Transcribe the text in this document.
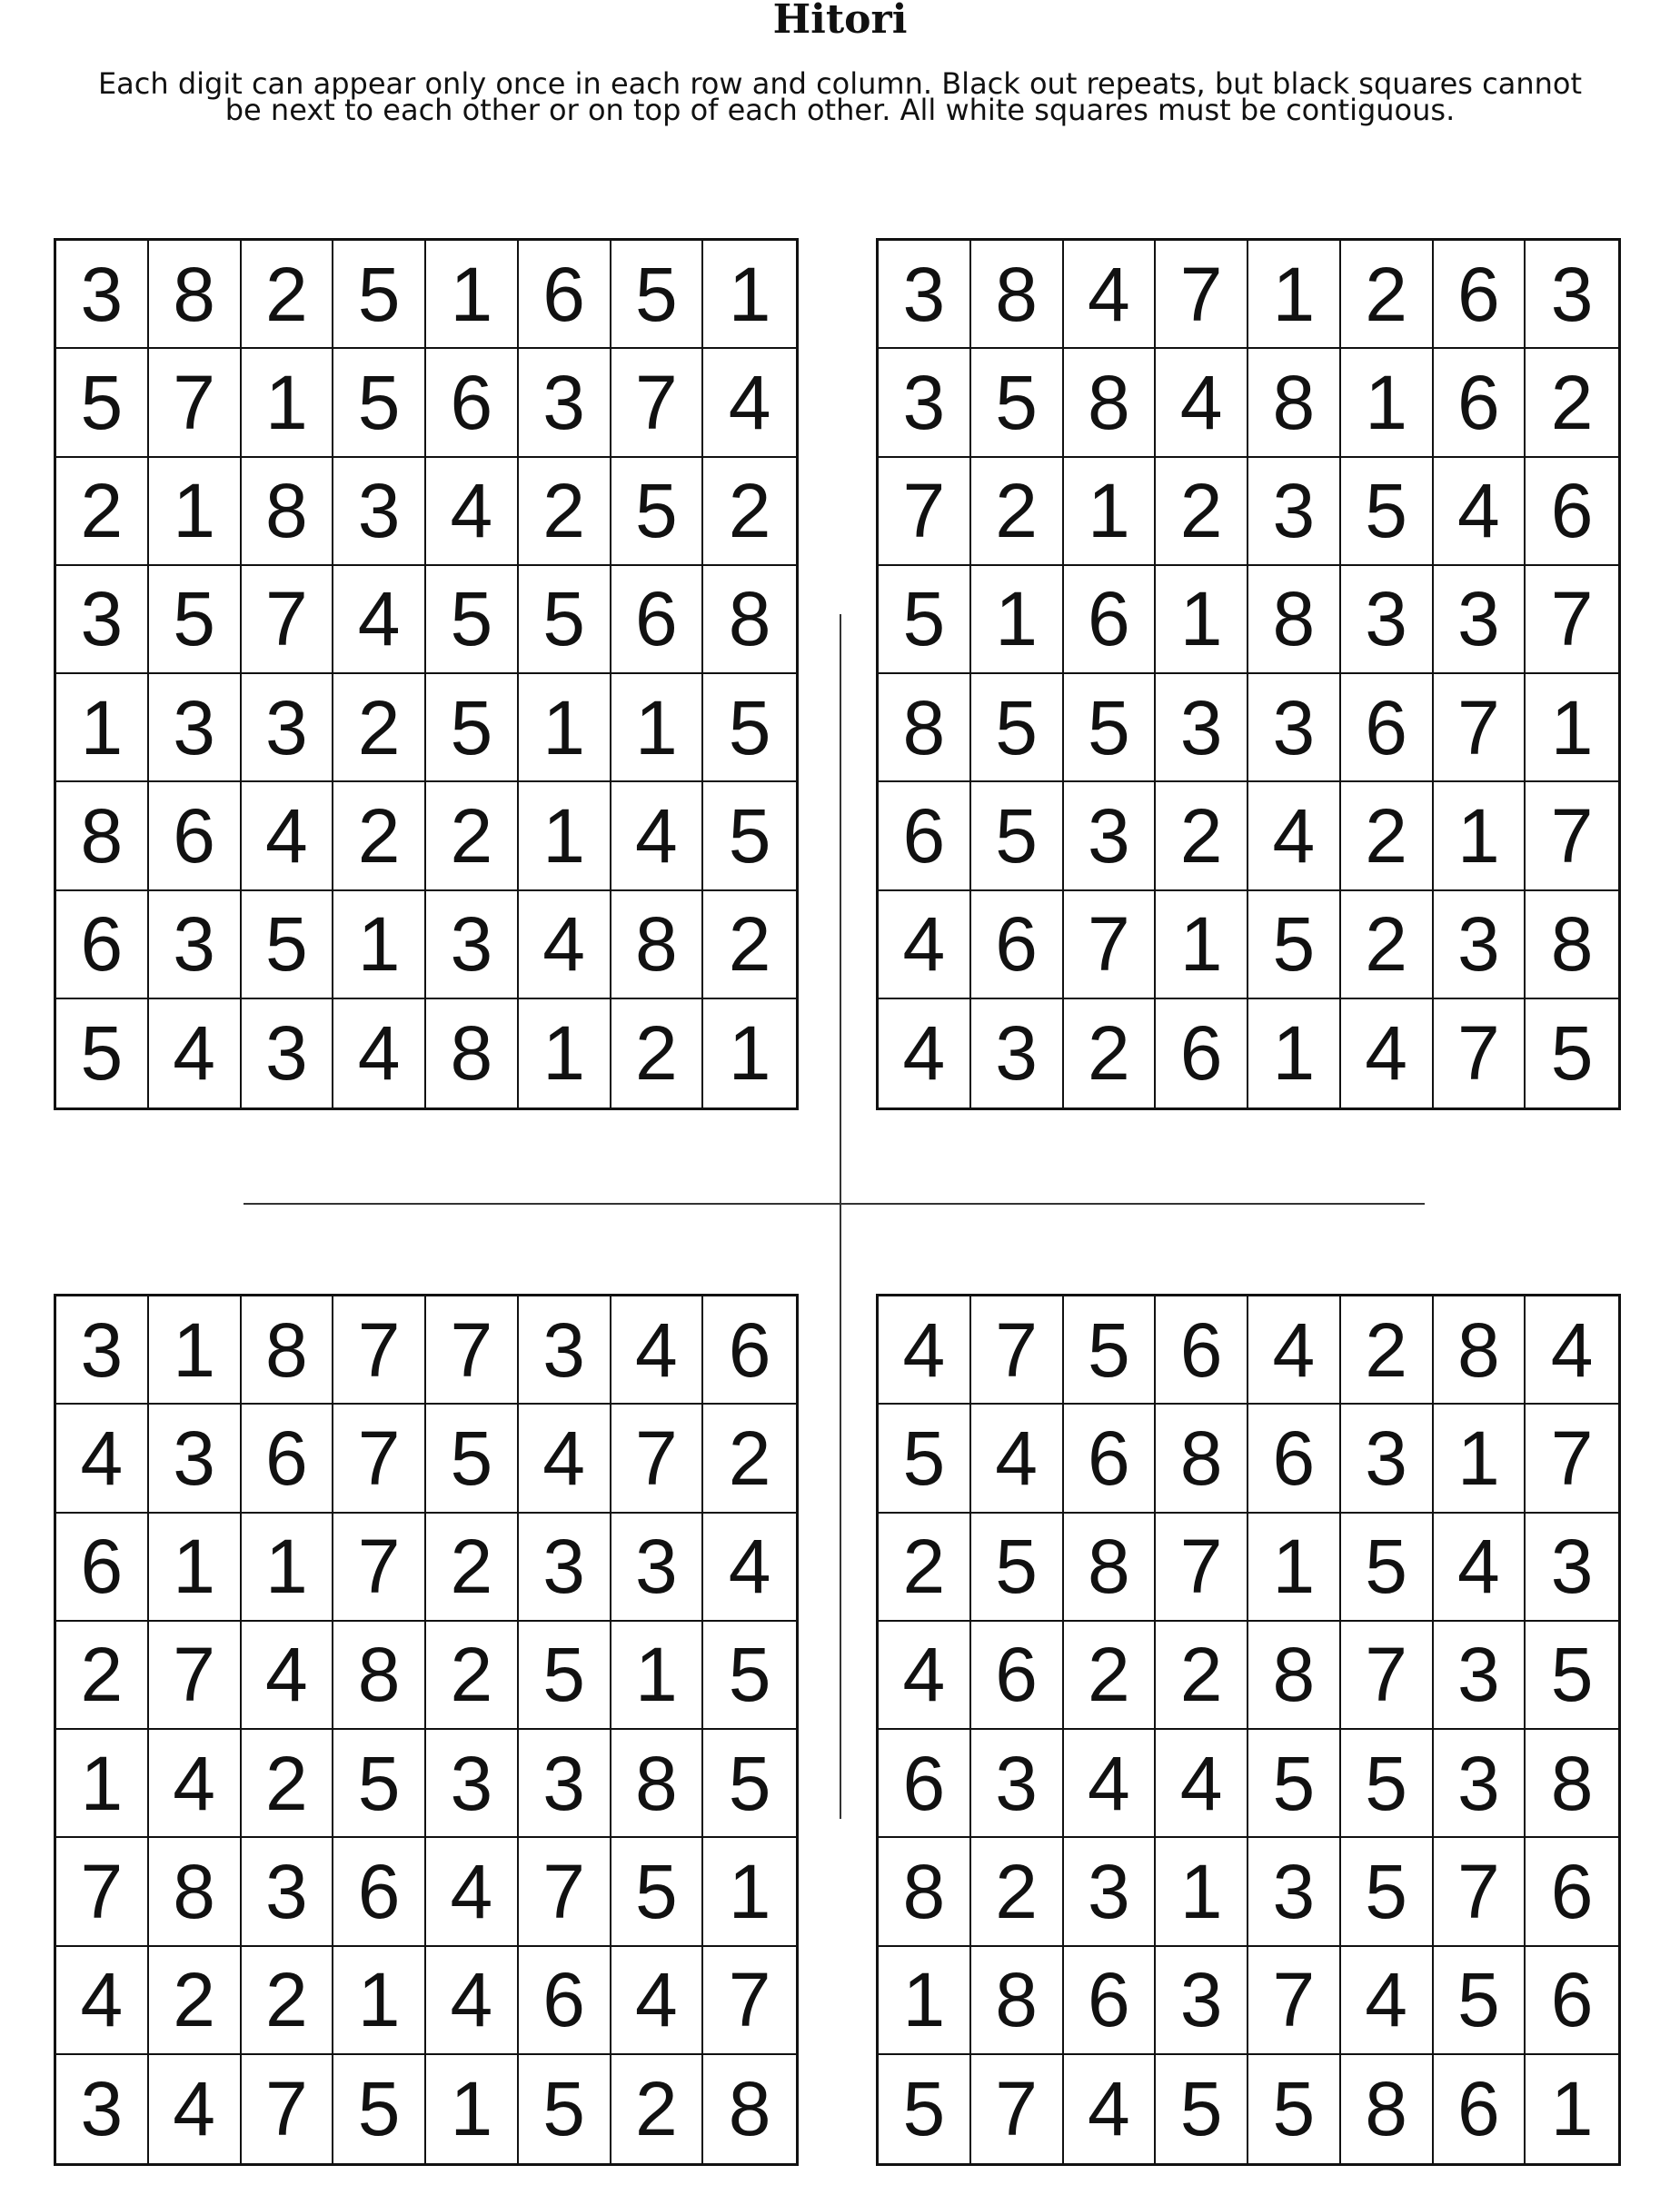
Hitori
Each digit can appear only once in each row and column. Black out repeats, but black squares cannot be next to each other or on top of each other. All white squares must be contiguous.
3 8 2 5 1 6 5 1
5 7 1 5 6 3 7 4
2 1 8 3 4 2 5 2
3 5 7 4 5 5 6 8
1 3 3 2 5 1 1 5
8 6 4 2 2 1 4 5
6 3 5 1 3 4 8 2
5 4 3 4 8 1 2 1
3 8 4 7 1 2 6 3
3 5 8 4 8 1 6 2
7 2 1 2 3 5 4 6
5 1 6 1 8 3 3 7
8 5 5 3 3 6 7 1
6 5 3 2 4 2 1 7
4 6 7 1 5 2 3 8
4 3 2 6 1 4 7 5
3 1 8 7 7 3 4 6
4 3 6 7 5 4 7 2
6 1 1 7 2 3 3 4
2 7 4 8 2 5 1 5
1 4 2 5 3 3 8 5
7 8 3 6 4 7 5 1
4 2 2 1 4 6 4 7
3 4 7 5 1 5 2 8
4 7 5 6 4 2 8 4
5 4 6 8 6 3 1 7
2 5 8 7 1 5 4 3
4 6 2 2 8 7 3 5
6 3 4 4 5 5 3 8
8 2 3 1 3 5 7 6
1 8 6 3 7 4 5 6
5 7 4 5 5 8 6 1
